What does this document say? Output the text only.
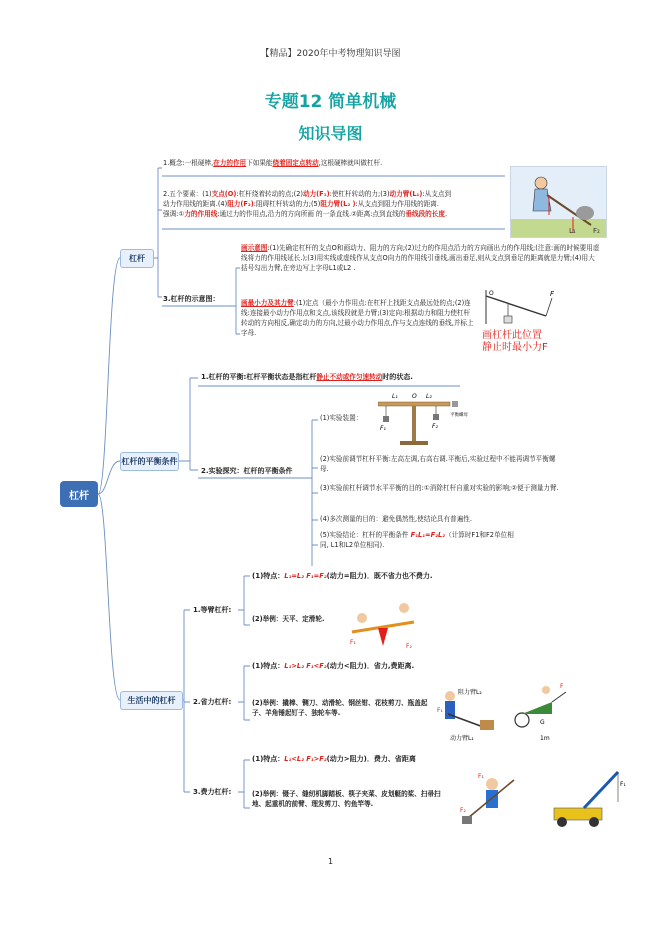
【精品】2020年中考物理知识导图
专题12 简单机械
知识导图
杠杆
杠杆
1.概念:一根硬棒,在力的作用下如果能绕着固定点转动,这根硬棒就叫做杠杆.
2.五个要素：(1)支点(O):杠杆绕着转动的点;(2)动力(F₁):使杠杆转动的力;(3)动力臂(L₁):从支点到
动力作用线的距离.(4)阻力(F₂):阻碍杠杆转动的力;(5)阻力臂(L₂ ):从支点到阻力作用线的距离.
强调:①力的作用线:通过力的作用点,沿力的方向所画 的一条直线.②距离:点到直线的垂线段的长度.
L₁ F₂
3.杠杆的示意图：
画示意图:(1)先确定杠杆的支点O和画动力、阻力的方向;(2)过力的作用点沿力的方向画出力的作用线;(注意:画的时候要用虚线将力的作用线延长.);(3)用实线或虚线作从支点O向力的作用线引垂线,画出垂足,则从支点到垂足的距离就是力臂;(4)用大括号勾出力臂,在旁边写上字母L1或L2 .
画最小力及其力臂:(1)定点（最小力作用点:在杠杆上找距支点最远处的点;(2)连线:连接最小动力作用点和支点,该线段就是力臂;(3)定向:根据动力和阻力使杠杆转动的方向相反,确定动力的方向,过最小动力作用点,作与支点连线的垂线,并标上字母.
F
O
画杠杆此位置
静止时最小力F
杠杆的平衡条件
1.杠杆的平衡:杠杆平衡状态是指杠杆静止不动或作匀速转动时的状态.
2.实验探究：杠杆的平衡条件
(1)实验装置：
L₁ O L₂
F₁	F₂
平衡螺母
(2)实验前调节杠杆平衡:左高左调,右高右调.平衡后,实验过程中不能再调节平衡螺母.
(3)实验前杠杆调节水平平衡的目的:①消除杠杆自重对实验的影响;②便于测量力臂.
(4)多次测量的目的：避免偶然性,使结论具有普遍性.
(5)实验结论：杠杆的平衡条件 F₁L₁=F₂L₂（计算时F1和F2单位相同, L1和L2单位相同).
生活中的杠杆
1.等臂杠杆:
(1)特点：L₁=L₂ F₁=F₂(动力=阻力)．既不省力也不费力.
(2)举例：天平、定滑轮.
F₁
F₂
2.省力杠杆:
(1)特点：L₁>L₂ F₁<F₂(动力<阻力)．省力,费距离.
(2)举例：撬棒、铡刀、动滑轮、钢丝钳、花枝剪刀、瓶盖起子、羊角锤起钉子、独轮车等.
阻力臂L₂
动力臂L₁
F₁
F
G
1m
3.费力杠杆:
(1)特点：L₁<L₂ F₁>F₂(动力>阻力)．费力、省距离
(2)举例：镊子、缝纫机脚踏板、筷子夹菜、皮划艇的桨、扫帚扫地、起重机的前臂、理发剪刀、钓鱼竿等.
F₁
F₂
F₁
1
